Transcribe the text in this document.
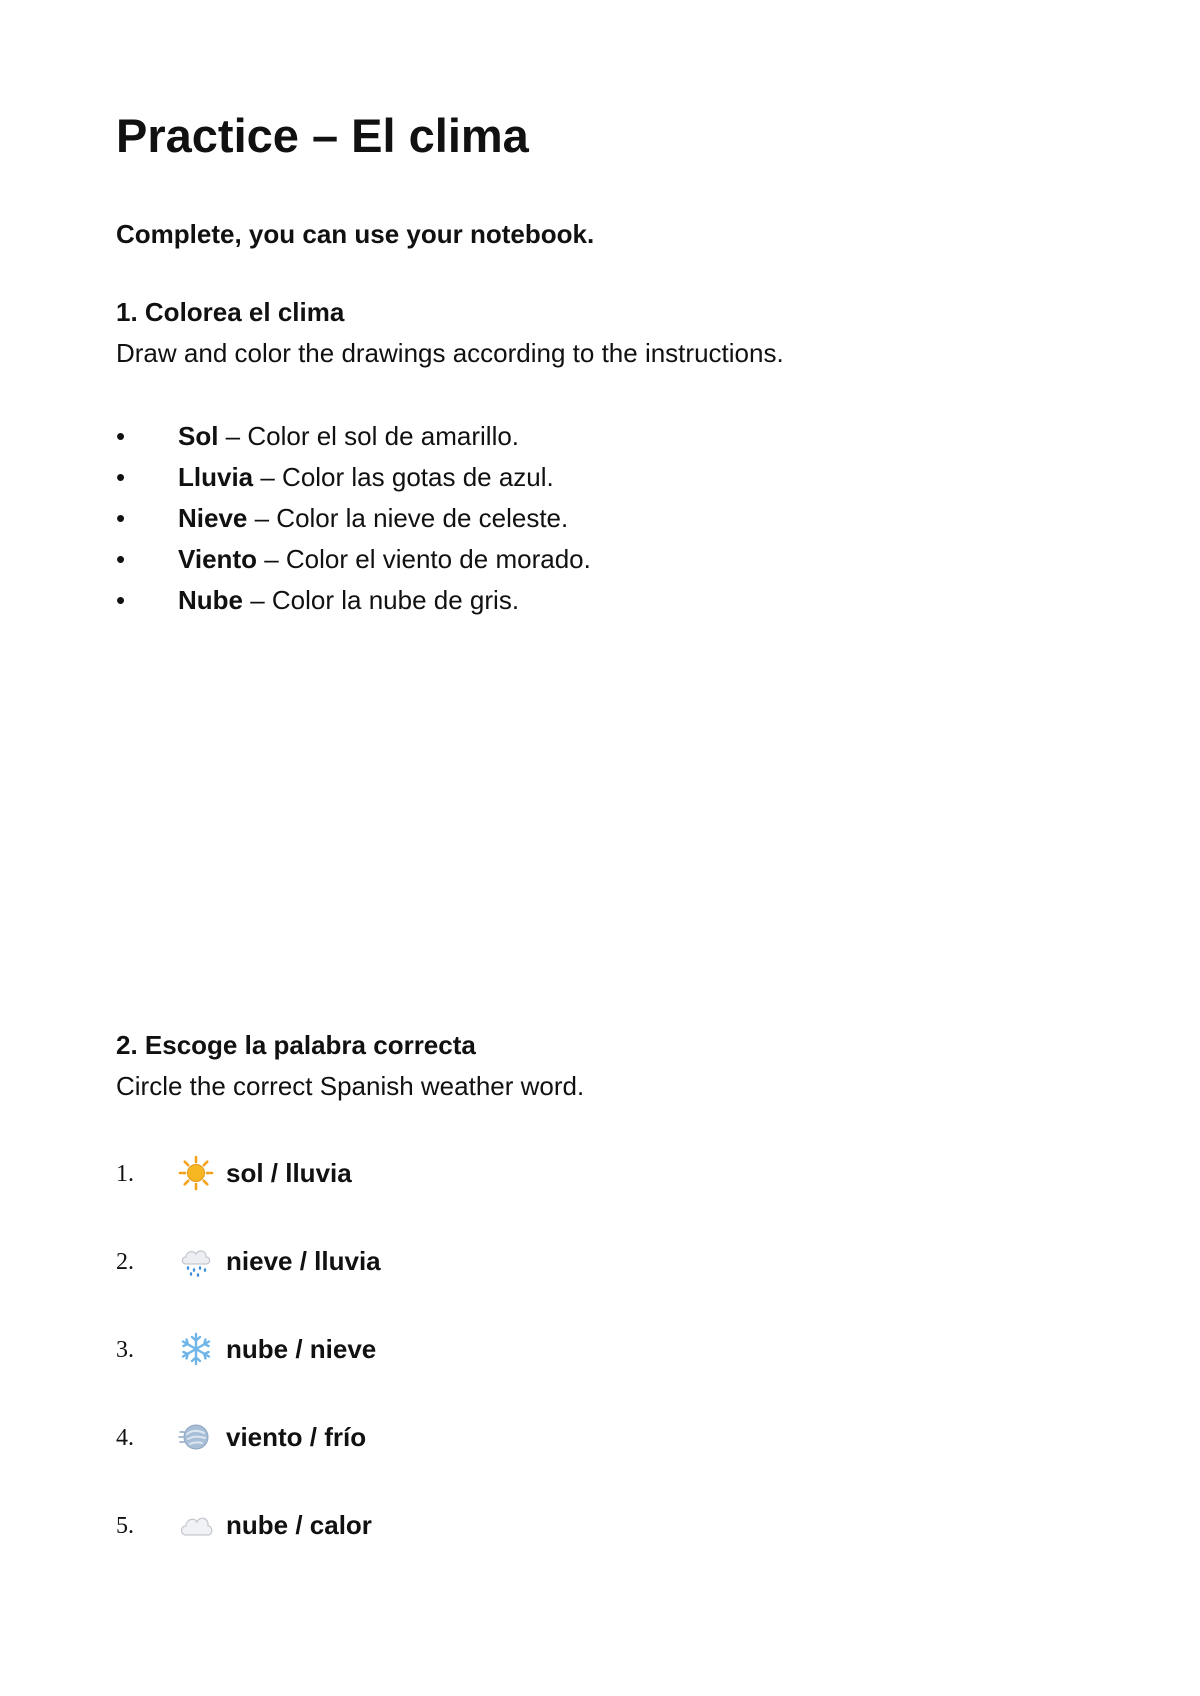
Practice – El clima

Complete, you can use your notebook.

1. Colorea el clima

Draw and color the drawings according to the instructions.

• Sol – Color el sol de amarillo.
• Lluvia – Color las gotas de azul.
• Nieve – Color la nieve de celeste.
• Viento – Color el viento de morado.
• Nube – Color la nube de gris.

2. Escoge la palabra correcta

Circle the correct Spanish weather word.

1.	sol / lluvia
2.	nieve / lluvia
3.	nube / nieve
4.	viento / frío
5.	nube / calor
